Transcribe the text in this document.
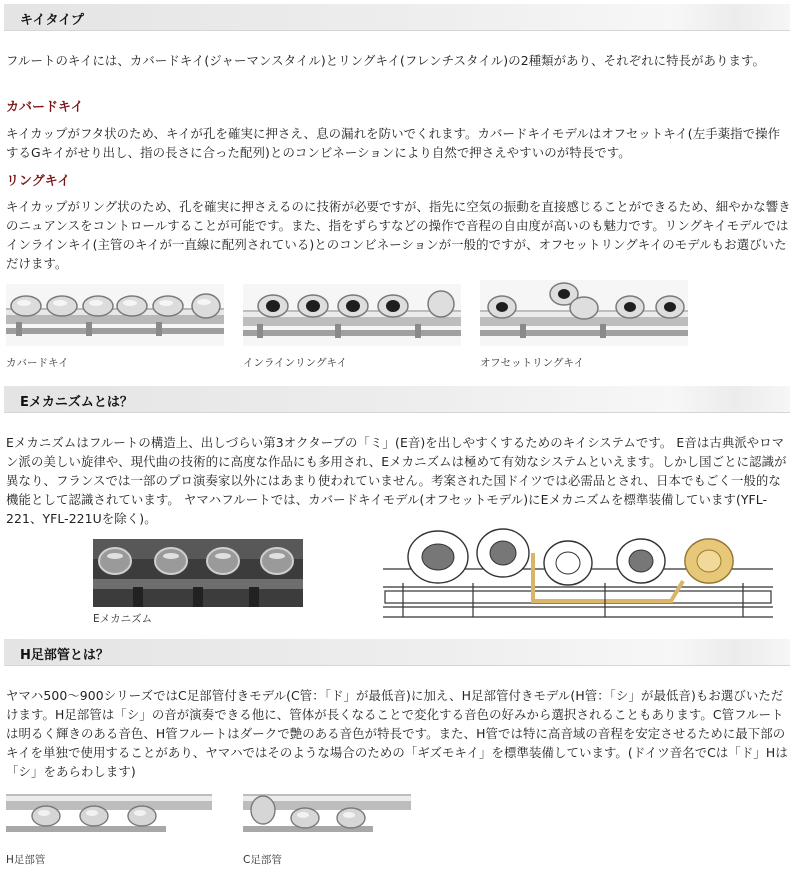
キイタイプ

フルートのキイには、カバードキイ(ジャーマンスタイル)とリングキイ(フレンチスタイル)の2種類があり、それぞれに特長があります。

カバードキイ

キイカップがフタ状のため、キイが孔を確実に押さえ、息の漏れを防いでくれます。カバードキイモデルはオフセットキイ(左手薬指で操作するGキイがせり出し、指の長さに合った配列)とのコンビネーションにより自然で押さえやすいのが特長です。

リングキイ

キイカップがリング状のため、孔を確実に押さえるのに技術が必要ですが、指先に空気の振動を直接感じることができるため、細やかな響きのニュアンスをコントロールすることが可能です。また、指をずらすなどの操作で音程の自由度が高いのも魅力です。リングキイモデルではインラインキイ(主管のキイが一直線に配列されている)とのコンビネーションが一般的ですが、オフセットリングキイのモデルもお選びいただけます。

カバードキイ	インラインリングキイ	オフセットリングキイ
Eメカニズムとは？

Eメカニズムはフルートの構造上、出しづらい第3オクターブの「ミ」(E音)を出しやすくするためのキイシステムです。 E音は古典派やロマン派の美しい旋律や、現代曲の技術的に高度な作品にも多用され、Eメカニズムは極めて有効なシステムといえます。しかし国ごとに認識が異なり、フランスでは一部のプロ演奏家以外にはあまり使われていません。考案された国ドイツでは必需品とされ、日本でもごく一般的な機能として認識されています。 ヤマハフルートでは、カバードキイモデル(オフセットモデル)にEメカニズムを標準装備しています(YFL-221、YFL-221Uを除く)。

Eメカニズム
H足部管とは？

ヤマハ500〜900シリーズではC足部管付きモデル(C管：「ド」が最低音)に加え、H足部管付きモデル(H管：「シ」が最低音)もお選びいただけます。H足部管は「シ」の音が演奏できる他に、管体が長くなることで変化する音色の好みから選択されることもあります。C管フルートは明るく輝きのある音色、H管フルートはダークで艶のある音色が特長です。また、H管では特に高音域の音程を安定させるために最下部のキイを単独で使用することがあり、ヤマハではそのような場合のための「ギズモキイ」を標準装備しています。(ドイツ音名でCは「ド」Hは「シ」をあらわします)

H足部管	C足部管
